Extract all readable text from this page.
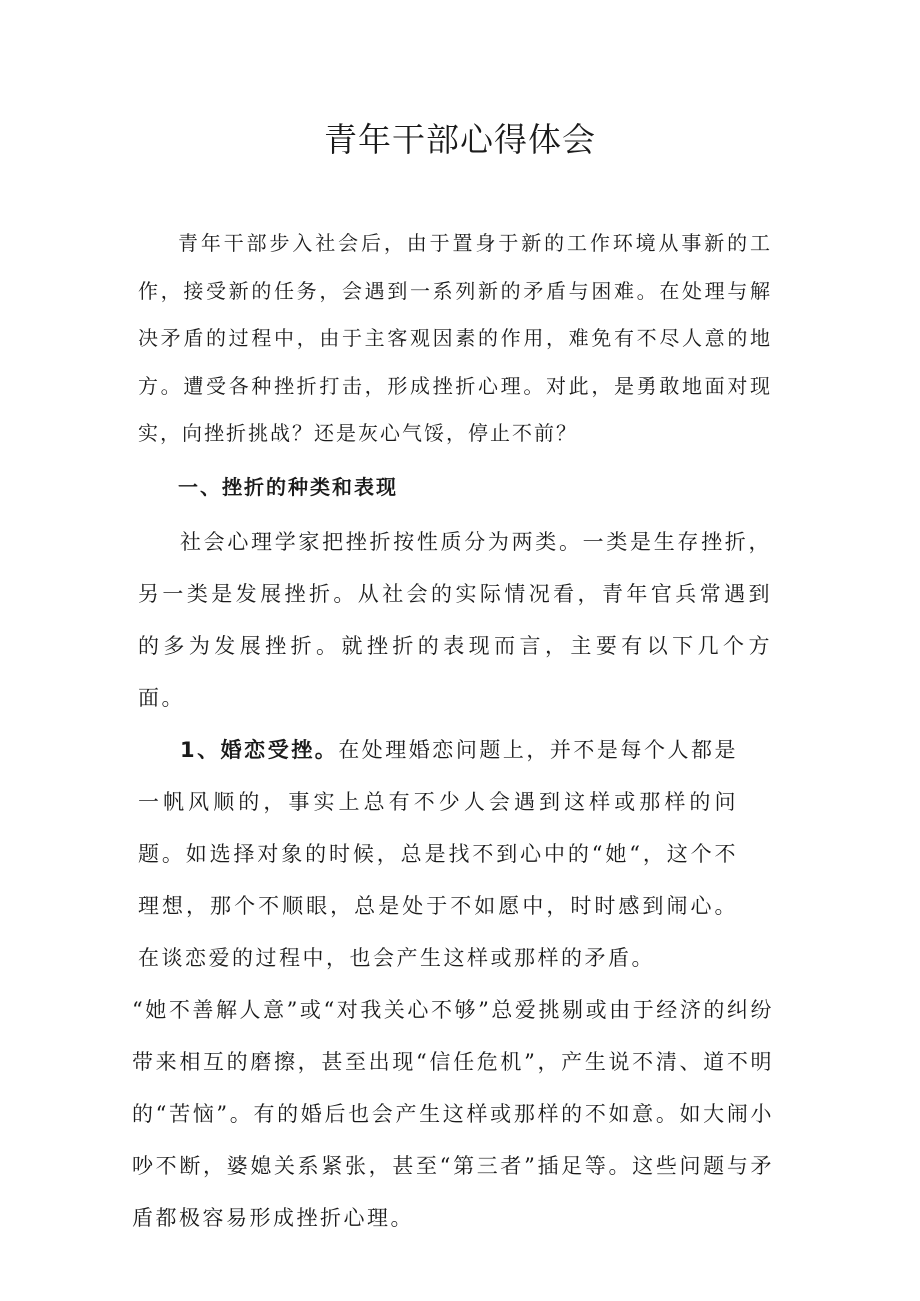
青年干部心得体会

青年干部步入社会后，由于置身于新的工作环境从事新的工作，接受新的任务，会遇到一系列新的矛盾与困难。在处理与解决矛盾的过程中，由于主客观因素的作用，难免有不尽人意的地方。遭受各种挫折打击，形成挫折心理。对此，是勇敢地面对现实，向挫折挑战？还是灰心气馁，停止不前？

一、挫折的种类和表现

社会心理学家把挫折按性质分为两类。一类是生存挫折，另一类是发展挫折。从社会的实际情况看，青年官兵常遇到的多为发展挫折。就挫折的表现而言，主要有以下几个方面。

1、婚恋受挫。在处理婚恋问题上，并不是每个人都是一帆风顺的，事实上总有不少人会遇到这样或那样的问题。如选择对象的时候，总是找不到心中的“她“，这个不理想，那个不顺眼，总是处于不如愿中，时时感到闹心。在谈恋爱的过程中，也会产生这样或那样的矛盾。

“她不善解人意”或“对我关心不够”总爱挑剔或由于经济的纠纷带来相互的磨擦，甚至出现“信任危机”，产生说不清、道不明的“苦恼”。有的婚后也会产生这样或那样的不如意。如大闹小吵不断，婆媳关系紧张，甚至“第三者”插足等。这些问题与矛盾都极容易形成挫折心理。
